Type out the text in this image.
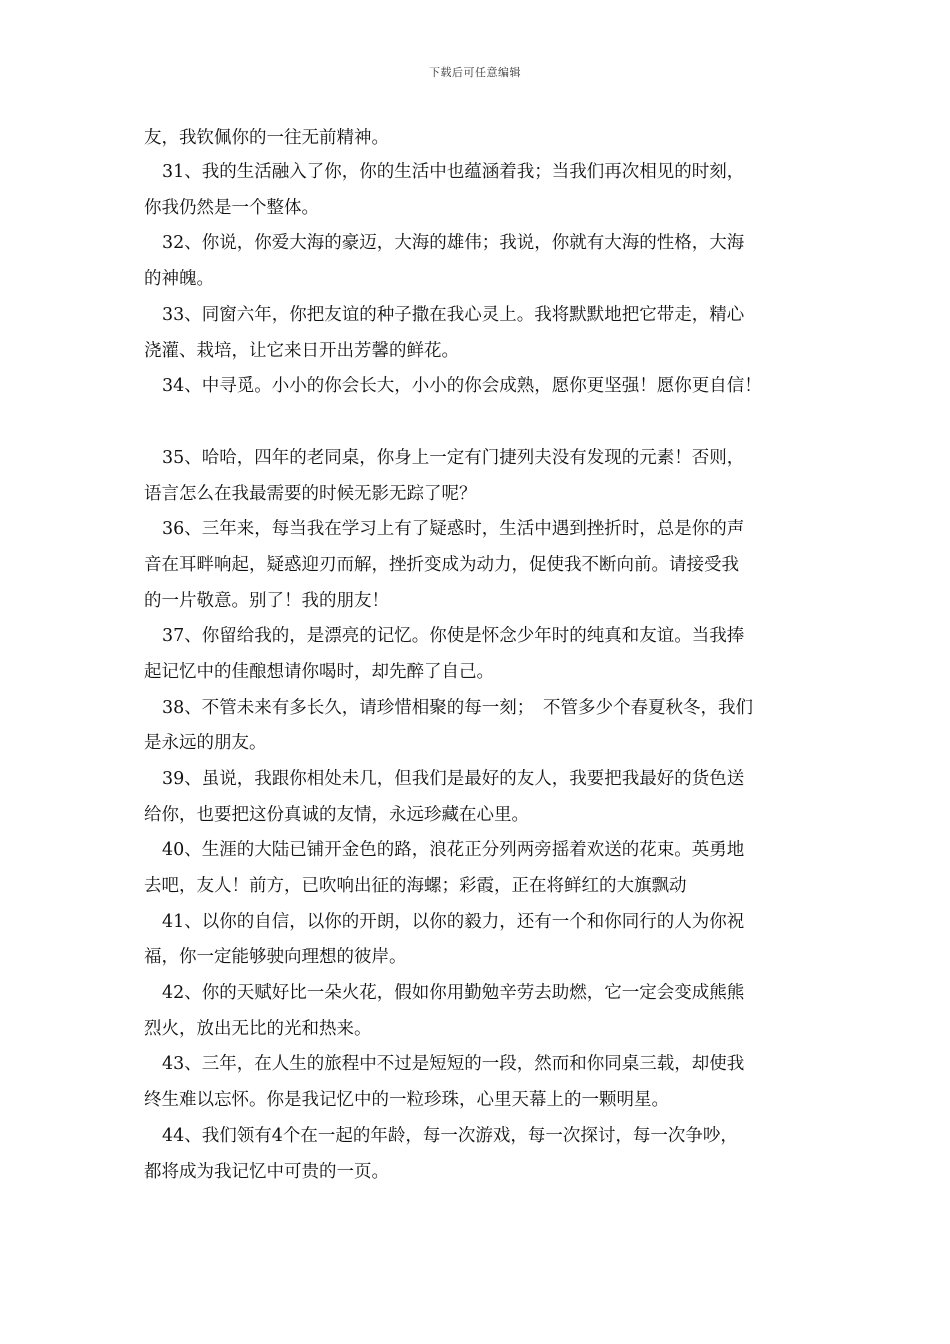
下载后可任意编辑
友，我钦佩你的一往无前精神。
31、我的生活融入了你，你的生活中也蕴涵着我；当我们再次相见的时刻，
你我仍然是一个整体。
32、你说，你爱大海的豪迈，大海的雄伟；我说，你就有大海的性格，大海
的神魄。
33、同窗六年，你把友谊的种子撒在我心灵上。我将默默地把它带走，精心
浇灌、栽培，让它来日开出芳馨的鲜花。
34、中寻觅。小小的你会长大，小小的你会成熟，愿你更坚强！愿你更自信！
35、哈哈，四年的老同桌，你身上一定有门捷列夫没有发现的元素！否则，
语言怎么在我最需要的时候无影无踪了呢？
36、三年来，每当我在学习上有了疑惑时，生活中遇到挫折时，总是你的声
音在耳畔响起，疑惑迎刃而解，挫折变成为动力，促使我不断向前。请接受我
的一片敬意。别了！我的朋友！
37、你留给我的，是漂亮的记忆。你使是怀念少年时的纯真和友谊。当我捧
起记忆中的佳酿想请你喝时，却先醉了自己。
38、不管未来有多长久，请珍惜相聚的每一刻；　不管多少个春夏秋冬，我们
是永远的朋友。
39、虽说，我跟你相处未几，但我们是最好的友人，我要把我最好的货色送
给你，也要把这份真诚的友情，永远珍藏在心里。
40、生涯的大陆已铺开金色的路，浪花正分列两旁摇着欢送的花束。英勇地
去吧，友人！前方，已吹响出征的海螺；彩霞，正在将鲜红的大旗飘动
41、以你的自信，以你的开朗，以你的毅力，还有一个和你同行的人为你祝
福，你一定能够驶向理想的彼岸。
42、你的天赋好比一朵火花，假如你用勤勉辛劳去助燃，它一定会变成熊熊
烈火，放出无比的光和热来。
43、三年，在人生的旅程中不过是短短的一段，然而和你同桌三载，却使我
终生难以忘怀。你是我记忆中的一粒珍珠，心里天幕上的一颗明星。
44、我们领有4个在一起的年龄，每一次游戏，每一次探讨，每一次争吵，
都将成为我记忆中可贵的一页。
